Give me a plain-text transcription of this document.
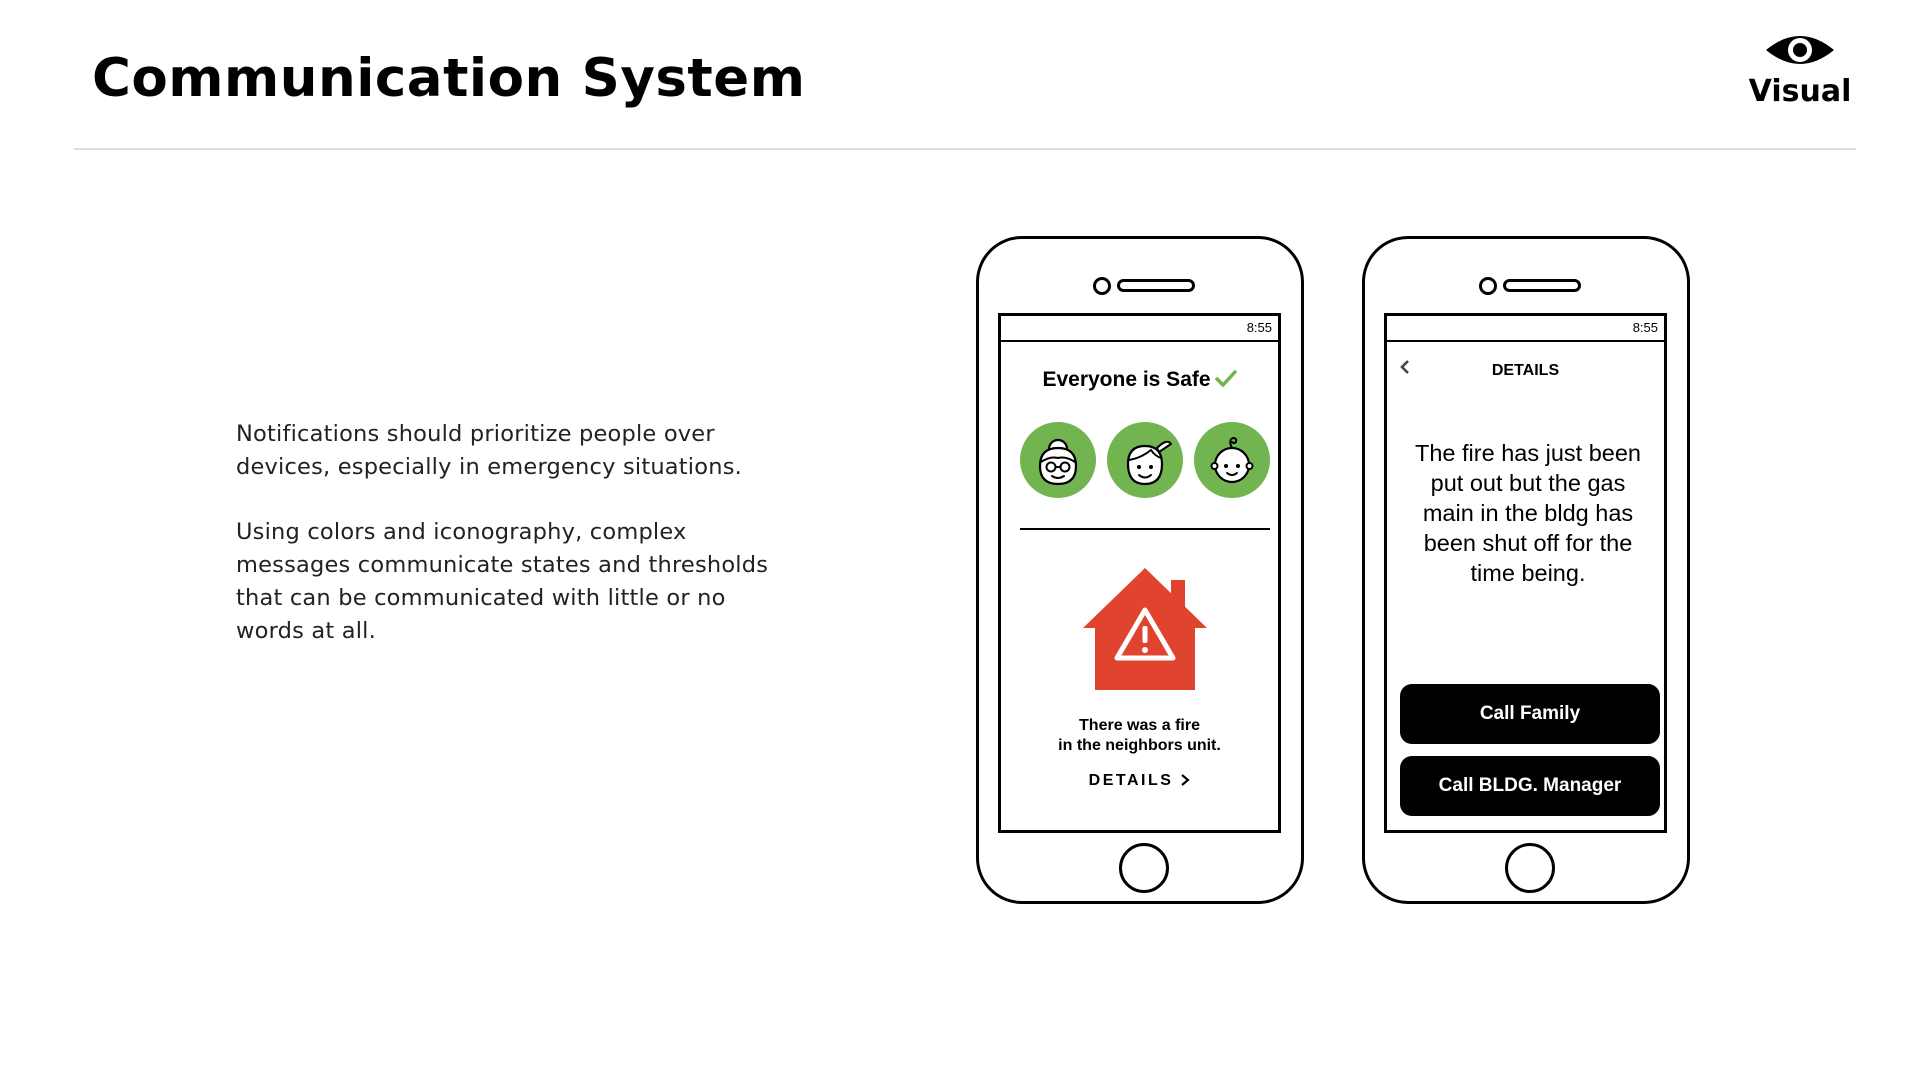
Communication System	Visual

Notifications should prioritize people over devices, especially in emergency situations.

Using colors and iconography, complex messages communicate states and thresholds that can be communicated with little or no words at all.

8:55
Everyone is Safe
There was a fire
in the neighbors unit.
DETAILS
8:55
DETAILS
The fire has just been put out but the gas main in the bldg has been shut off for the time being.
Call Family
Call BLDG. Manager
